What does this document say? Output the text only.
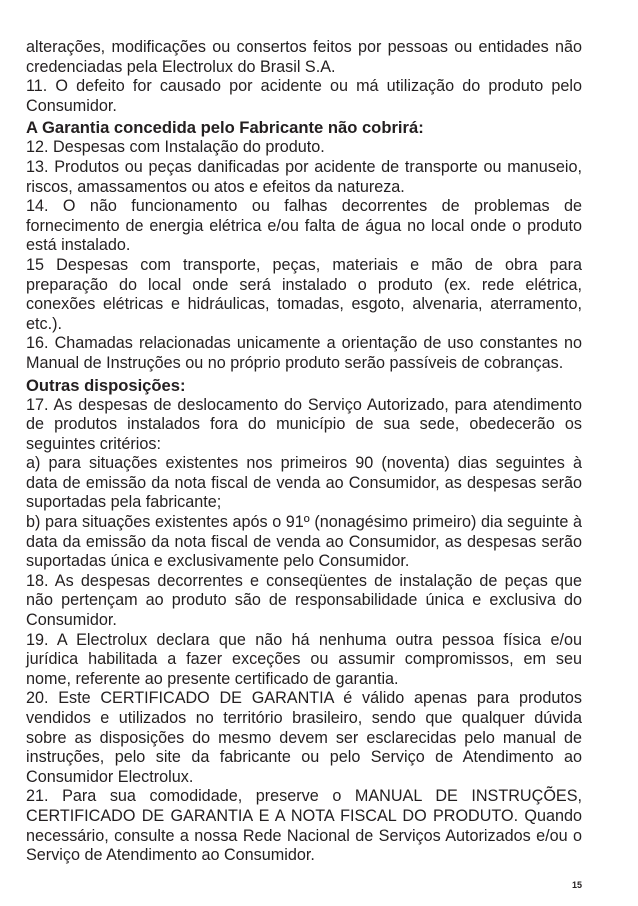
alterações, modificações ou consertos feitos por pessoas ou entidades não credenciadas pela Electrolux do Brasil S.A.

11. O defeito for causado por acidente ou má utilização do produto pelo Consumidor.

A Garantia concedida pelo Fabricante não cobrirá:

12. Despesas com Instalação do produto.

13. Produtos ou peças danificadas por acidente de transporte ou manuseio, riscos, amassamentos ou atos e efeitos da natureza.

14. O não funcionamento ou falhas decorrentes de problemas de fornecimento de energia elétrica e/ou falta de água no local onde o produto está instalado.

15 Despesas com transporte, peças, materiais e mão de obra para preparação do local onde será instalado o produto (ex. rede elétrica, conexões elétricas e hidráulicas, tomadas, esgoto, alvenaria, aterramento, etc.).

16. Chamadas relacionadas unicamente a orientação de uso constantes no Manual de Instruções ou no próprio produto serão passíveis de cobranças.

Outras disposições:

17. As despesas de deslocamento do Serviço Autorizado, para atendimento de produtos instalados fora do município de sua sede, obedecerão os seguintes critérios:

a) para situações existentes nos primeiros 90 (noventa) dias seguintes à data de emissão da nota fiscal de venda ao Consumidor, as despesas serão suportadas pela fabricante;

b) para situações existentes após o 91º (nonagésimo primeiro) dia seguinte à data da emissão da nota fiscal de venda ao Consumidor, as despesas serão suportadas única e exclusivamente pelo Consumidor.

18. As despesas decorrentes e conseqüentes de instalação de peças que não pertençam ao produto são de responsabilidade única e exclusiva do Consumidor.

19. A Electrolux declara que não há nenhuma outra pessoa física e/ou jurídica habilitada a fazer exceções ou assumir compromissos, em seu nome, referente ao presente certificado de garantia.

20. Este CERTIFICADO DE GARANTIA é válido apenas para produtos vendidos e utilizados no território brasileiro, sendo que qualquer dúvida sobre as disposições do mesmo devem ser esclarecidas pelo manual de instruções, pelo site da fabricante ou pelo Serviço de Atendimento ao Consumidor Electrolux.

21. Para sua comodidade, preserve o MANUAL DE INSTRUÇÕES, CERTIFICADO DE GARANTIA E A NOTA FISCAL DO PRODUTO. Quando necessário, consulte a nossa Rede Nacional de Serviços Autorizados e/ou o Serviço de Atendimento ao Consumidor.

15
